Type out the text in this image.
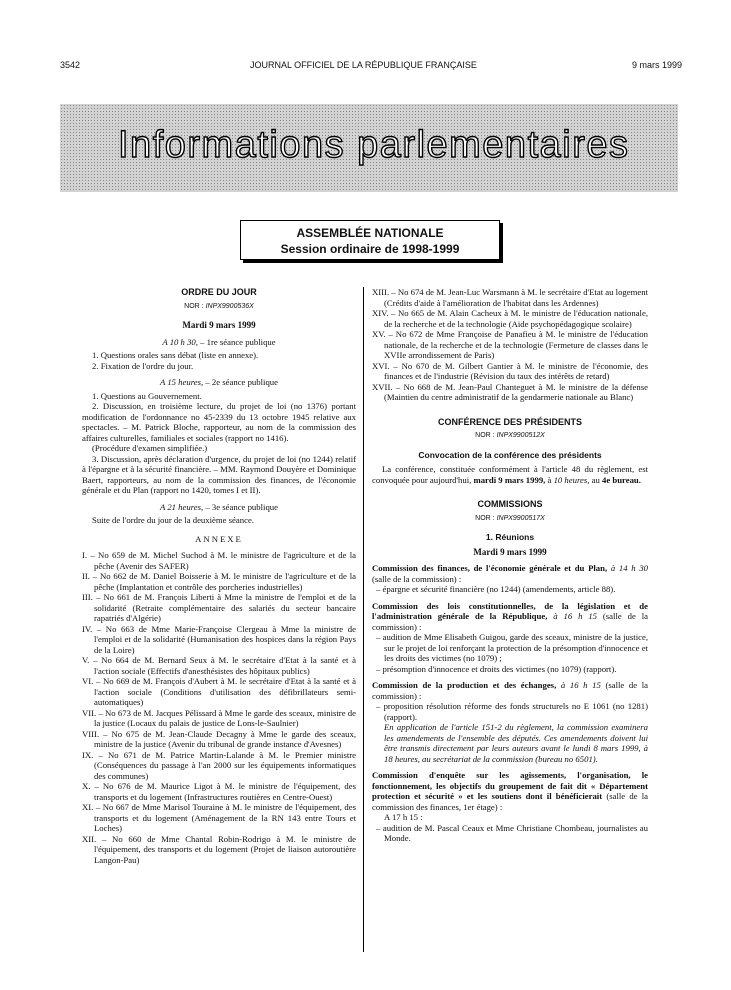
3542	JOURNAL OFFICIEL DE LA RÉPUBLIQUE FRANÇAISE	9 mars 1999
Informations parlementaires
ASSEMBLÉE NATIONALE
Session ordinaire de 1998-1999
ORDRE DU JOUR
NOR : INPX9900536X
Mardi 9 mars 1999
A 10 h 30, – 1re séance publique

1. Questions orales sans débat (liste en annexe).

2. Fixation de l'ordre du jour.

A 15 heures, – 2e séance publique

1. Questions au Gouvernement.

2. Discussion, en troisième lecture, du projet de loi (no 1376) portant modification de l'ordonnance no 45-2339 du 13 octobre 1945 relative aux spectacles. – M. Patrick Bloche, rapporteur, au nom de la commission des affaires culturelles, familiales et sociales (rapport no 1416).

(Procédure d'examen simplifiée.)

3. Discussion, après déclaration d'urgence, du projet de loi (no 1244) relatif à l'épargne et à la sécurité financière. – MM. Raymond Douyère et Dominique Baert, rapporteurs, au nom de la commission des finances, de l'économie générale et du Plan (rapport no 1420, tomes I et II).

A 21 heures, – 3e séance publique

Suite de l'ordre du jour de la deuxième séance.

ANNEXE

I. – No 659 de M. Michel Suchod à M. le ministre de l'agriculture et de la pêche (Avenir des SAFER)

II. – No 662 de M. Daniel Boisserie à M. le ministre de l'agriculture et de la pêche (Implantation et contrôle des porcheries industrielles)

III. – No 661 de M. François Liberti à Mme la ministre de l'emploi et de la solidarité (Retraite complémentaire des salariés du secteur bancaire rapatriés d'Algérie)

IV. – No 663 de Mme Marie-Françoise Clergeau à Mme la ministre de l'emploi et de la solidarité (Humanisation des hospices dans la région Pays de la Loire)

V. – No 664 de M. Bernard Seux à M. le secrétaire d'Etat à la santé et à l'action sociale (Effectifs d'anesthésistes des hôpitaux publics)

VI. – No 669 de M. François d'Aubert à M. le secrétaire d'Etat à la santé et à l'action sociale (Conditions d'utilisation des défibrillateurs semi-automatiques)

VII. – No 673 de M. Jacques Pélissard à Mme le garde des sceaux, ministre de la justice (Locaux du palais de justice de Lons-le-Saulnier)

VIII. – No 675 de M. Jean-Claude Decagny à Mme le garde des sceaux, ministre de la justice (Avenir du tribunal de grande instance d'Avesnes)

IX. – No 671 de M. Patrice Martin-Lalande à M. le Premier ministre (Conséquences du passage à l'an 2000 sur les équipements informatiques des communes)

X. – No 676 de M. Maurice Ligot à M. le ministre de l'équipement, des transports et du logement (Infrastructures routières en Centre-Ouest)

XI. – No 667 de Mme Marisol Touraine à M. le ministre de l'équipement, des transports et du logement (Aménagement de la RN 143 entre Tours et Loches)

XII. – No 660 de Mme Chantal Robin-Rodrigo à M. le ministre de l'équipement, des transports et du logement (Projet de liaison autoroutière Langon-Pau)

XIII. – No 674 de M. Jean-Luc Warsmann à M. le secrétaire d'Etat au logement (Crédits d'aide à l'amélioration de l'habitat dans les Ardennes)

XIV. – No 665 de M. Alain Cacheux à M. le ministre de l'éducation nationale, de la recherche et de la technologie (Aide psychopédagogique scolaire)

XV. – No 672 de Mme Françoise de Panafieu à M. le ministre de l'éducation nationale, de la recherche et de la technologie (Fermeture de classes dans le XVIIe arrondissement de Paris)

XVI. – No 670 de M. Gilbert Gantier à M. le ministre de l'économie, des finances et de l'industrie (Révision du taux des intérêts de retard)

XVII. – No 668 de M. Jean-Paul Chanteguet à M. le ministre de la défense (Maintien du centre administratif de la gendarmerie nationale au Blanc)

CONFÉRENCE DES PRÉSIDENTS
NOR : INPX9900512X
Convocation de la conférence des présidents

La conférence, constituée conformément à l'article 48 du règlement, est convoquée pour aujourd'hui, mardi 9 mars 1999, à 10 heures, au 4e bureau.

COMMISSIONS
NOR : INPX9900517X
1. Réunions
Mardi 9 mars 1999

Commission des finances, de l'économie générale et du Plan, à 14 h 30 (salle de la commission) :

– épargne et sécurité financière (no 1244) (amendements, article 88).

Commission des lois constitutionnelles, de la législation et de l'administration générale de la République, à 16 h 15 (salle de la commission) :

– audition de Mme Elisabeth Guigou, garde des sceaux, ministre de la justice, sur le projet de loi renforçant la protection de la présomption d'innocence et les droits des victimes (no 1079) ;

– présomption d'innocence et droits des victimes (no 1079) (rapport).

Commission de la production et des échanges, à 16 h 15 (salle de la commission) :

– proposition résolution réforme des fonds structurels no E 1061 (no 1281) (rapport).

En application de l'article 151-2 du règlement, la commission examinera les amendements de l'ensemble des députés. Ces amendements doivent lui être transmis directement par leurs auteurs avant le lundi 8 mars 1999, à 18 heures, au secrétariat de la commission (bureau no 6501).

Commission d'enquête sur les agissements, l'organisation, le fonctionnement, les objectifs du groupement de fait dit « Département protection et sécurité » et les soutiens dont il bénéficierait (salle de la commission des finances, 1er étage) :

A 17 h 15 :

– audition de M. Pascal Ceaux et Mme Christiane Chombeau, journalistes au Monde.
